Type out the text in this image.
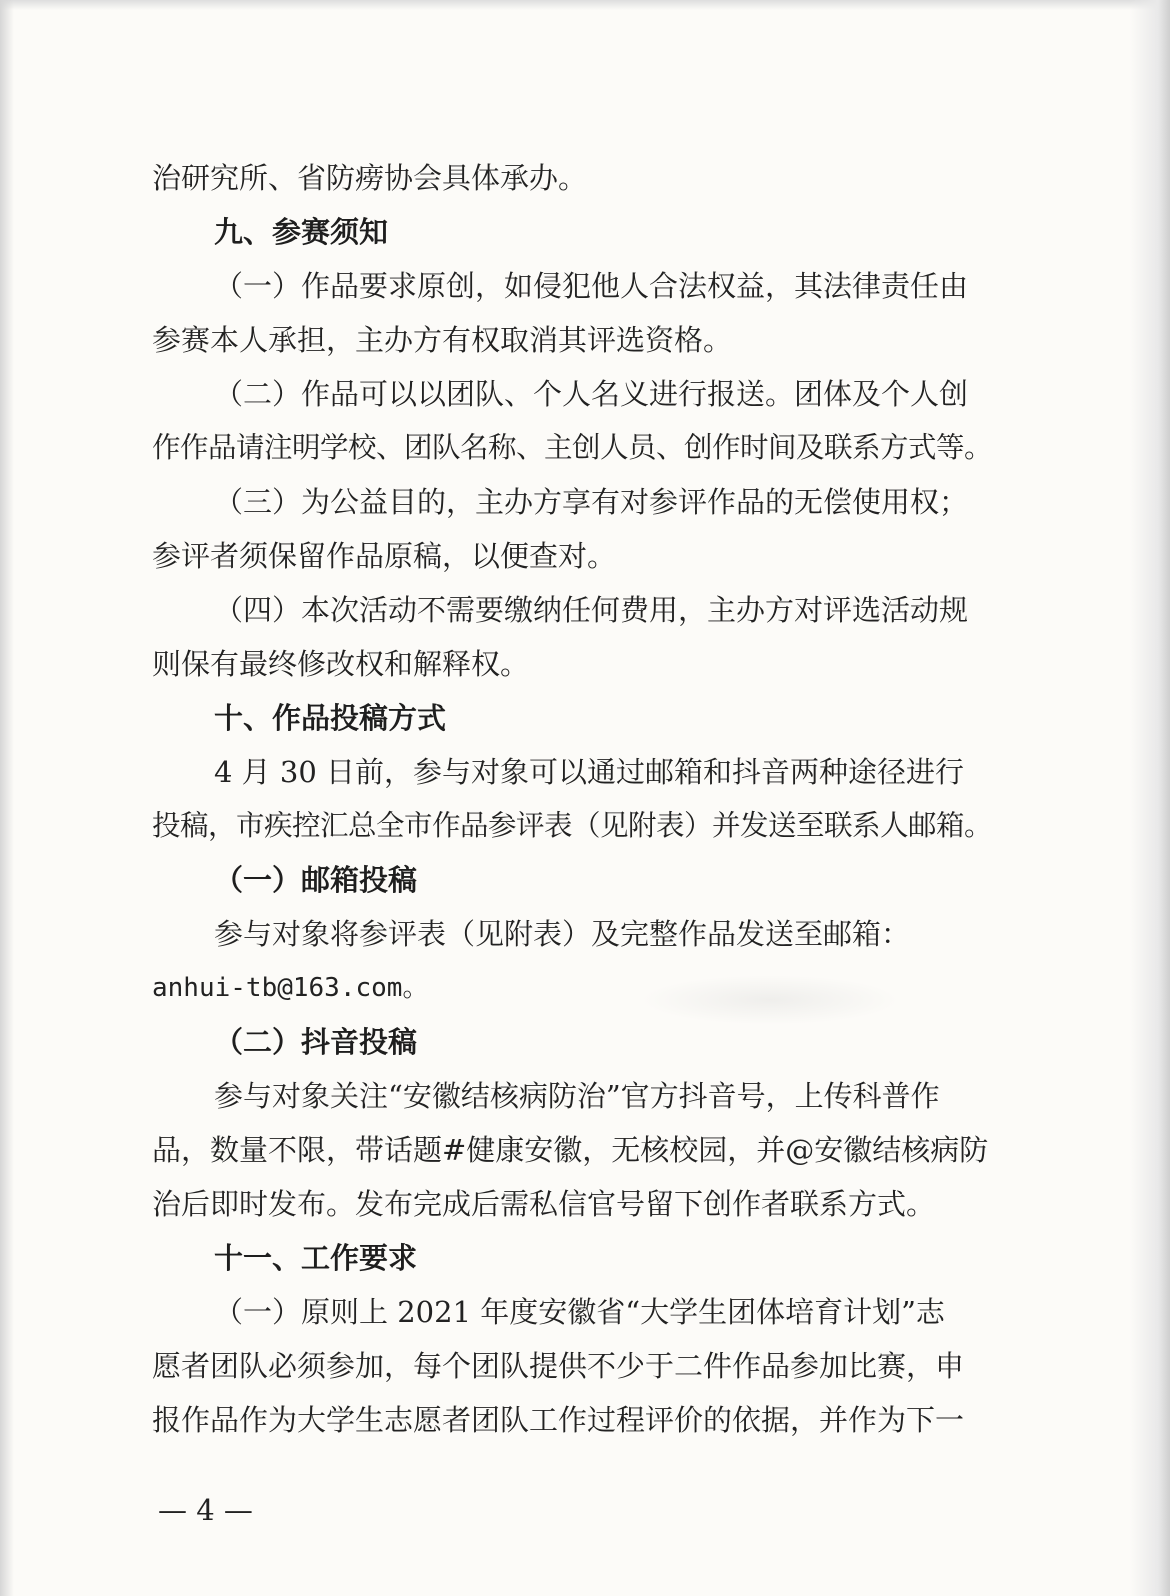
治研究所、省防痨协会具体承办。
九、参赛须知
（一）作品要求原创，如侵犯他人合法权益，其法律责任由
参赛本人承担，主办方有权取消其评选资格。
（二）作品可以以团队、个人名义进行报送。团体及个人创
作作品请注明学校、团队名称、主创人员、创作时间及联系方式等。
（三）为公益目的，主办方享有对参评作品的无偿使用权；
参评者须保留作品原稿，以便查对。
（四）本次活动不需要缴纳任何费用，主办方对评选活动规
则保有最终修改权和解释权。
十、作品投稿方式
4 月 30 日前，参与对象可以通过邮箱和抖音两种途径进行
投稿，市疾控汇总全市作品参评表（见附表）并发送至联系人邮箱。
（一）邮箱投稿
参与对象将参评表（见附表）及完整作品发送至邮箱：
anhui-tb@163.com。
（二）抖音投稿
参与对象关注“安徽结核病防治”官方抖音号，上传科普作
品，数量不限，带话题#健康安徽，无核校园，并@安徽结核病防
治后即时发布。发布完成后需私信官号留下创作者联系方式。
十一、工作要求
（一）原则上 2021 年度安徽省“大学生团体培育计划”志
愿者团队必须参加，每个团队提供不少于二件作品参加比赛，申
报作品作为大学生志愿者团队工作过程评价的依据，并作为下一
— 4 —
